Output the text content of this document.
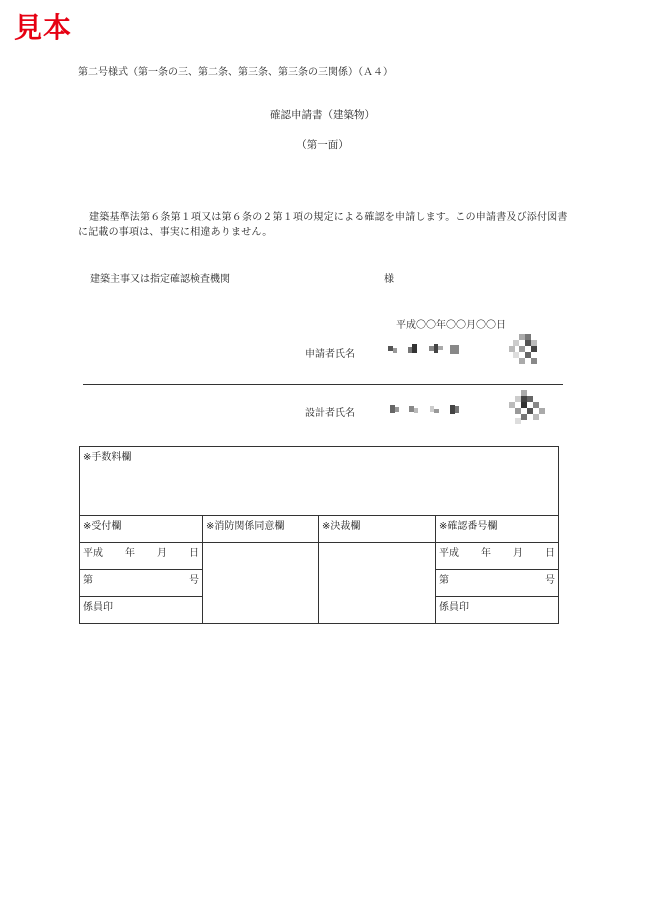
見本
第二号様式（第一条の三、第二条、第三条、第三条の三関係）（Ａ４）
確認申請書（建築物）
（第一面）
建築基準法第６条第１項又は第６条の２第１項の規定による確認を申請します。この申請書及び添付図書に記載の事項は、事実に相違ありません。
建築主事又は指定確認検査機関	様
平成〇〇年〇〇月〇〇日
申請者氏名
設計者氏名
※手数料欄			
※受付欄	※消防関係同意欄	※決裁欄	※確認番号欄

平成 年 月 日			平成 年 月 日

第 号			第 号

係員印			係員印
